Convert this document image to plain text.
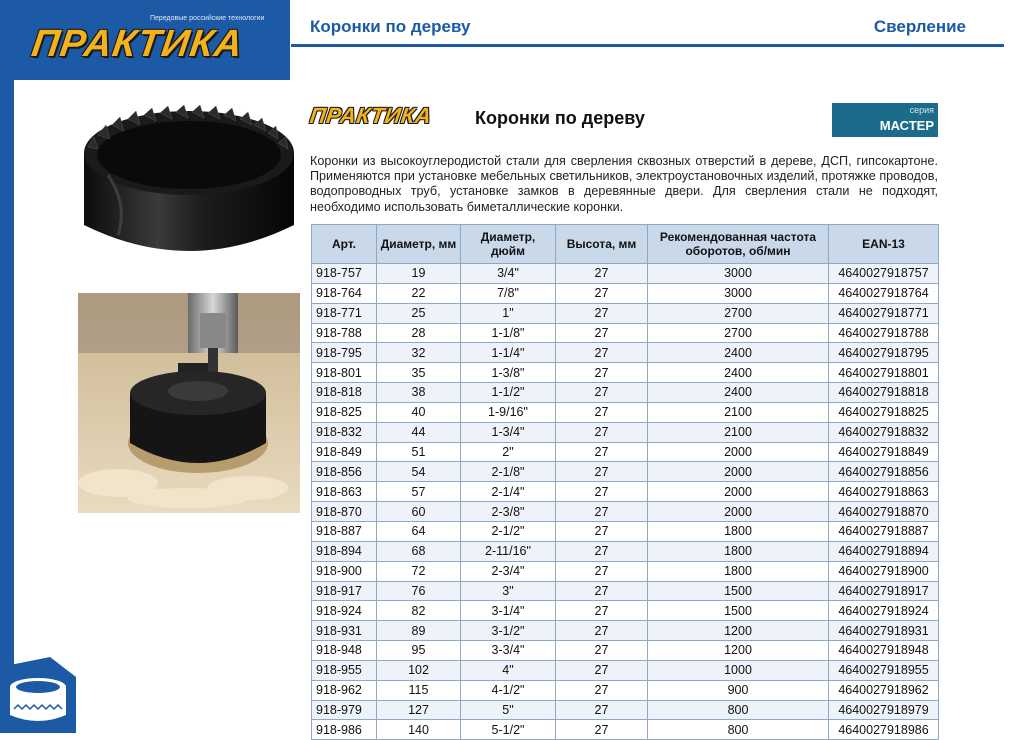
Передовые российские технологии
ПРАКТИКА	Коронки по дереву	Сверление
ПРАКТИКА	Коронки по дереву	серия
МАСТЕР
Коронки из высокоуглеродистой стали для сверления сквозных отверстий в дереве, ДСП, гипсокартоне. Применяются при установке мебельных светильников, электроустановочных изделий, протяжке проводов, водопроводных труб, установке замков в деревянные двери. Для сверления стали не подходят, необходимо использовать биметаллические коронки.
Арт.	Диаметр, мм	Диаметр, дюйм	Высота, мм	Рекомендованная частота оборотов, об/мин	EAN-13
918-757	19	3/4"	27	3000	4640027918757
918-764	22	7/8"	27	3000	4640027918764
918-771	25	1"	27	2700	4640027918771
918-788	28	1-1/8"	27	2700	4640027918788
918-795	32	1-1/4"	27	2400	4640027918795
918-801	35	1-3/8"	27	2400	4640027918801
918-818	38	1-1/2"	27	2400	4640027918818
918-825	40	1-9/16"	27	2100	4640027918825
918-832	44	1-3/4"	27	2100	4640027918832
918-849	51	2"	27	2000	4640027918849
918-856	54	2-1/8"	27	2000	4640027918856
918-863	57	2-1/4"	27	2000	4640027918863
918-870	60	2-3/8"	27	2000	4640027918870
918-887	64	2-1/2"	27	1800	4640027918887
918-894	68	2-11/16"	27	1800	4640027918894
918-900	72	2-3/4"	27	1800	4640027918900
918-917	76	3"	27	1500	4640027918917
918-924	82	3-1/4"	27	1500	4640027918924
918-931	89	3-1/2"	27	1200	4640027918931
918-948	95	3-3/4"	27	1200	4640027918948
918-955	102	4"	27	1000	4640027918955
918-962	115	4-1/2"	27	900	4640027918962
918-979	127	5"	27	800	4640027918979
918-986	140	5-1/2"	27	800	4640027918986
